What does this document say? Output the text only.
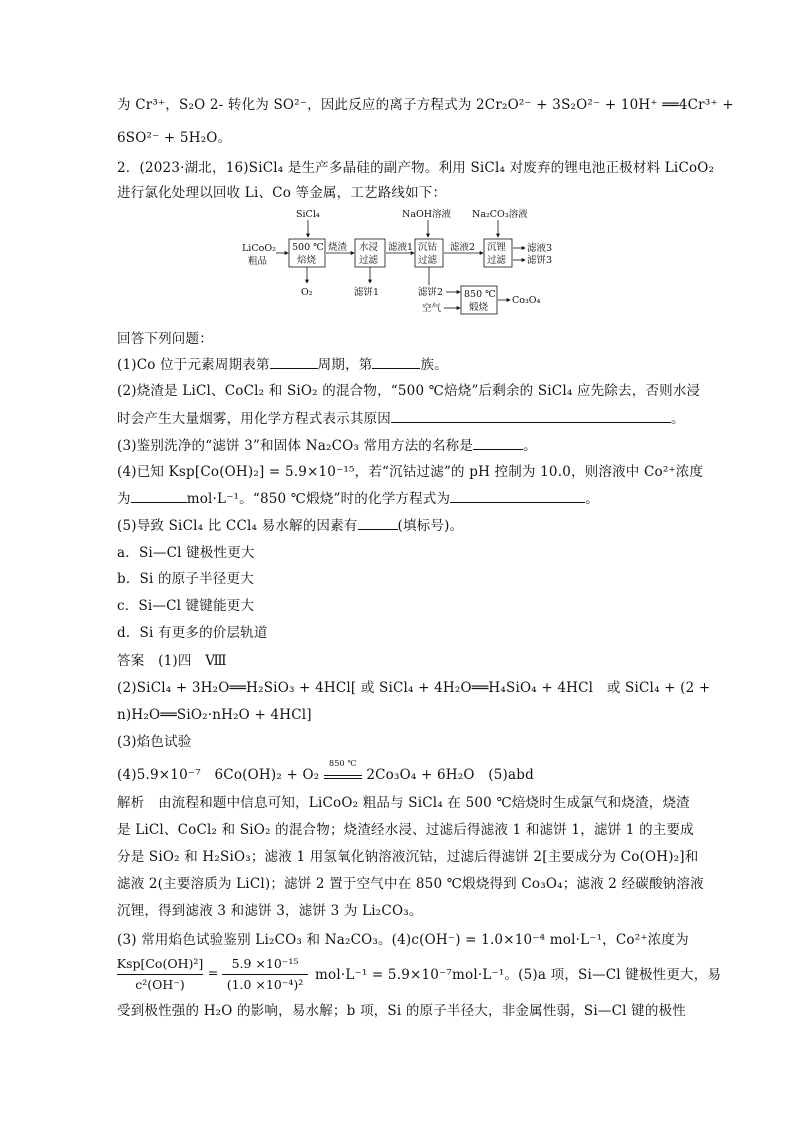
为 Cr³⁺，S₂O 2- 转化为 SO²⁻，因此反应的离子方程式为 2Cr₂O²⁻ + 3S₂O²⁻ + 10H⁺ ══4Cr³⁺ +
6SO²⁻ + 5H₂O。
2．(2023·湖北，16)SiCl₄ 是生产多晶硅的副产物。利用 SiCl₄ 对废弃的锂电池正极材料 LiCoO₂
进行氯化处理以回收 Li、Co 等金属，工艺路线如下：
SiCl₄	NaOH溶液 Na₂CO₃溶液
LiCoO₂
粗品
500 ℃
焙烧
烧渣
O₂
水浸
过滤
滤液1
滤饼1
沉钴
过滤
滤液2 沉锂
过滤
滤液3
滤饼3
滤饼2
空气
850 ℃
煅烧
Co₃O₄
回答下列问题：
(1)Co 位于元素周期表第	周期，第	族。
(2)烧渣是 LiCl、CoCl₂ 和 SiO₂ 的混合物，“500 ℃焙烧”后剩余的 SiCl₄ 应先除去，否则水浸
时会产生大量烟雾，用化学方程式表示其原因	。
(3)鉴别洗净的“滤饼 3”和固体 Na₂CO₃ 常用方法的名称是	。
(4)已知 Ksp[Co(OH)₂] = 5.9×10⁻¹⁵，若“沉钴过滤”的 pH 控制为 10.0，则溶液中 Co²⁺浓度
为	mol·L⁻¹。“850 ℃煅烧”时的化学方程式为	。
(5)导致 SiCl₄ 比 CCl₄ 易水解的因素有	(填标号)。
a．Si—Cl 键极性更大
b．Si 的原子半径更大
c．Si—Cl 键键能更大
d．Si 有更多的价层轨道
答案　(1)四　Ⅷ
(2)SiCl₄ + 3H₂O══H₂SiO₃ + 4HCl[ 或 SiCl₄ + 4H₂O══H₄SiO₄ + 4HCl　或 SiCl₄ + (2 +
n)H₂O══SiO₂·nH₂O + 4HCl]
(3)焰色试验
(4)5.9×10⁻⁷　6Co(OH)₂ + O₂
850 ℃
2Co₃O₄ + 6H₂O　(5)abd
解析　由流程和题中信息可知，LiCoO₂ 粗品与 SiCl₄ 在 500 ℃焙烧时生成氯气和烧渣，烧渣
是 LiCl、CoCl₂ 和 SiO₂ 的混合物；烧渣经水浸、过滤后得滤液 1 和滤饼 1，滤饼 1 的主要成
分是 SiO₂ 和 H₂SiO₃；滤液 1 用氢氧化钠溶液沉钴，过滤后得滤饼 2[主要成分为 Co(OH)₂]和
滤液 2(主要溶质为 LiCl)；滤饼 2 置于空气中在 850 ℃煅烧得到 Co₃O₄；滤液 2 经碳酸钠溶液
沉锂，得到滤液 3 和滤饼 3，滤饼 3 为 Li₂CO₃。
(3) 常用焰色试验鉴别 Li₂CO₃ 和 Na₂CO₃。(4)c(OH⁻) = 1.0×10⁻⁴ mol·L⁻¹，Co²⁺浓度为
Ksp[Co(OH)²]
c²(OH⁻)
=
5.9 ×10⁻¹⁵
(1.0 ×10⁻⁴)²
mol·L⁻¹ = 5.9×10⁻⁷mol·L⁻¹。(5)a 项，Si—Cl 键极性更大，易
受到极性强的 H₂O 的影响，易水解；b 项，Si 的原子半径大，非金属性弱，Si—Cl 键的极性
